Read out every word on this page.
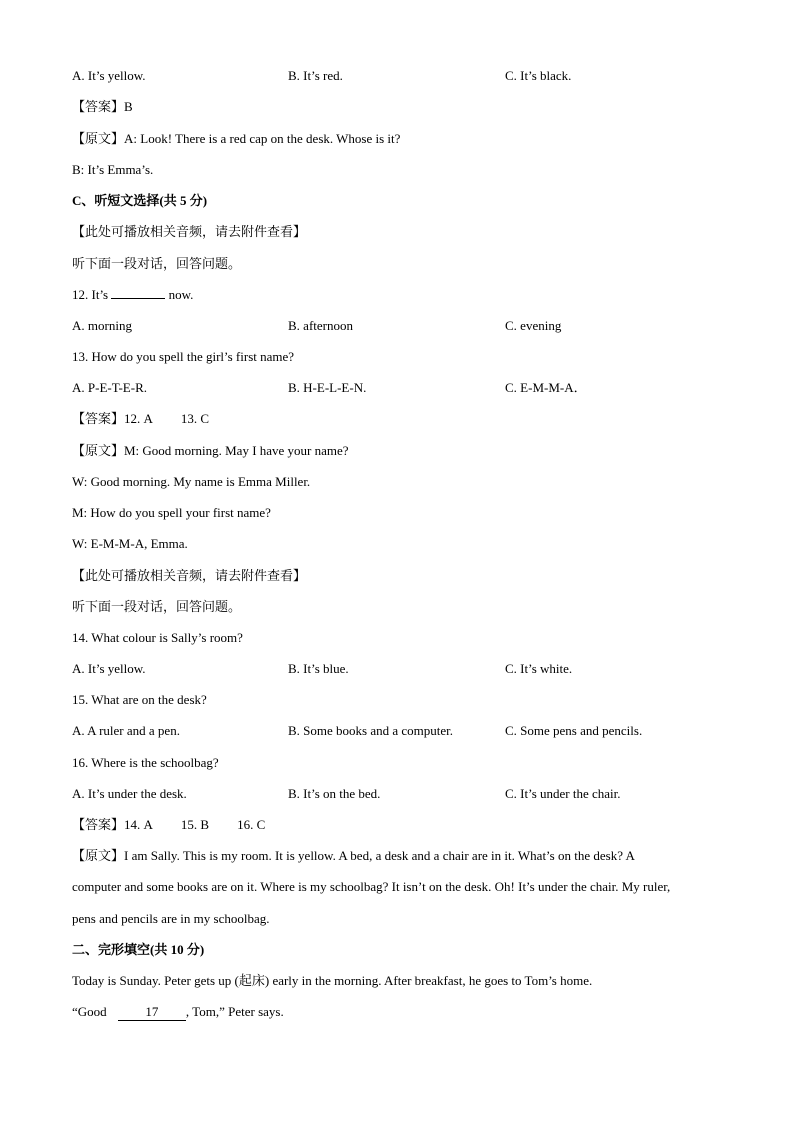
A. It’s yellow.	B. It’s red.	C. It’s black.
【答案】B
【原文】A: Look! There is a red cap on the desk. Whose is it?
B: It’s Emma’s.
C、听短文选择(共 5 分)
【此处可播放相关音频，请去附件查看】
听下面一段对话，回答问题。
12. It’s	now.
A. morning	B. afternoon	C. evening
13. How do you spell the girl’s first name?
A. P-E-T-E-R.	B. H-E-L-E-N.	C. E-M-M-A．
【答案】12. A 13. C
【原文】M: Good morning. May I have your name?
W: Good morning. My name is Emma Miller.
M: How do you spell your first name?
W: E-M-M-A, Emma.
【此处可播放相关音频，请去附件查看】
听下面一段对话，回答问题。
14. What colour is Sally’s room?
A. It’s yellow.	B. It’s blue.	C. It’s white.
15. What are on the desk?
A. A ruler and a pen.	B. Some books and a computer.	C. Some pens and pencils.
16. Where is the schoolbag?
A. It’s under the desk.	B. It’s on the bed.	C. It’s under the chair.
【答案】14. A 15. B 16. C
【原文】I am Sally. This is my room. It is yellow. A bed, a desk and a chair are in it. What’s on the desk? A
computer and some books are on it. Where is my schoolbag? It isn’t on the desk. Oh! It’s under the chair. My ruler,
pens and pencils are in my schoolbag.
二、完形填空(共 10 分)
Today is Sunday. Peter gets up (起床) early in the morning. After breakfast, he goes to Tom’s home.
“Good	17 , Tom,” Peter says.
